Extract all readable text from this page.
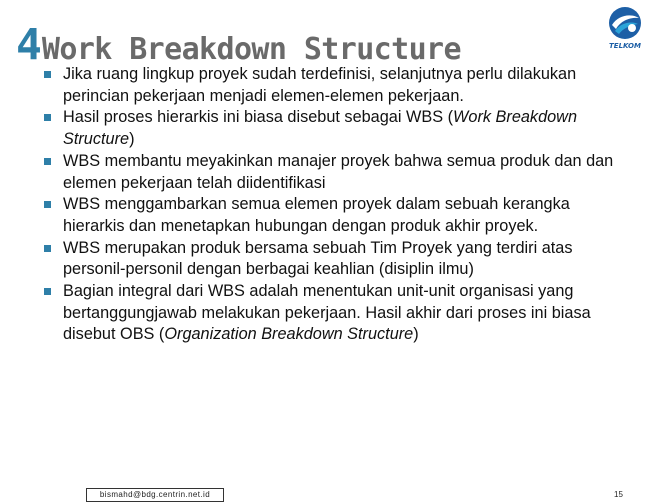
4Work Breakdown Structure	TELKOM
Jika ruang lingkup proyek sudah terdefinisi, selanjutnya perlu dilakukan perincian pekerjaan menjadi elemen-elemen pekerjaan.
Hasil proses hierarkis ini biasa disebut sebagai WBS (Work Breakdown Structure)
WBS membantu meyakinkan manajer proyek bahwa semua produk dan dan elemen pekerjaan telah diidentifikasi
WBS menggambarkan semua elemen proyek dalam sebuah kerangka hierarkis dan menetapkan hubungan dengan produk akhir proyek.
WBS merupakan produk bersama sebuah Tim Proyek yang terdiri atas personil-personil dengan berbagai keahlian (disiplin ilmu)
Bagian integral dari WBS adalah menentukan unit-unit organisasi yang bertanggungjawab melakukan pekerjaan. Hasil akhir dari proses ini biasa disebut OBS (Organization Breakdown Structure)
bismahd@bdg.centrin.net.id	15
